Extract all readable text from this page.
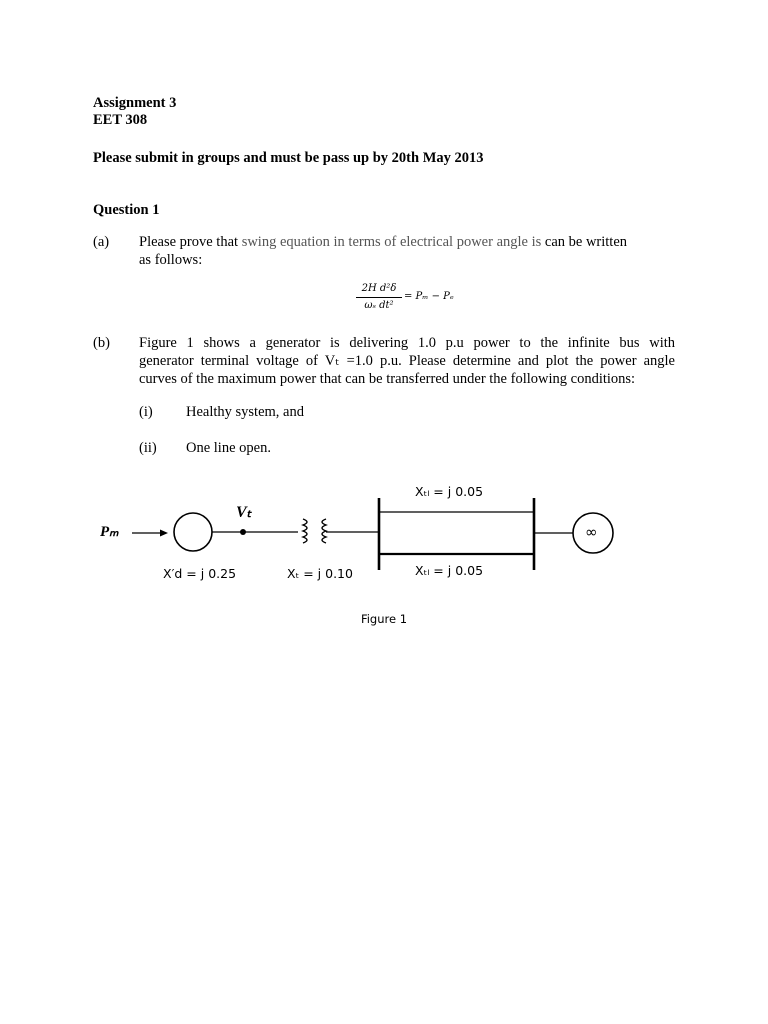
Assignment 3
EET 308
Please submit in groups and must be pass up by 20th May 2013
Question 1
(a) Please prove that swing equation in terms of electrical power angle is can be written
as follows:
2H d²δ
ωₛ dt²
= Pₘ − Pₑ
(b) Figure 1 shows a generator is delivering 1.0 p.u power to the infinite bus with
generator terminal voltage of Vₜ =1.0 p.u. Please determine and plot the power angle
curves of the maximum power that can be transferred under the following conditions:
(i) Healthy system, and
(ii) One line open.
Pₘ
Vₜ
X′d = j 0.25	Xₜ = j 0.10
Xₜₗ = j 0.05
Xₜₗ = j 0.05
∞
Figure 1
